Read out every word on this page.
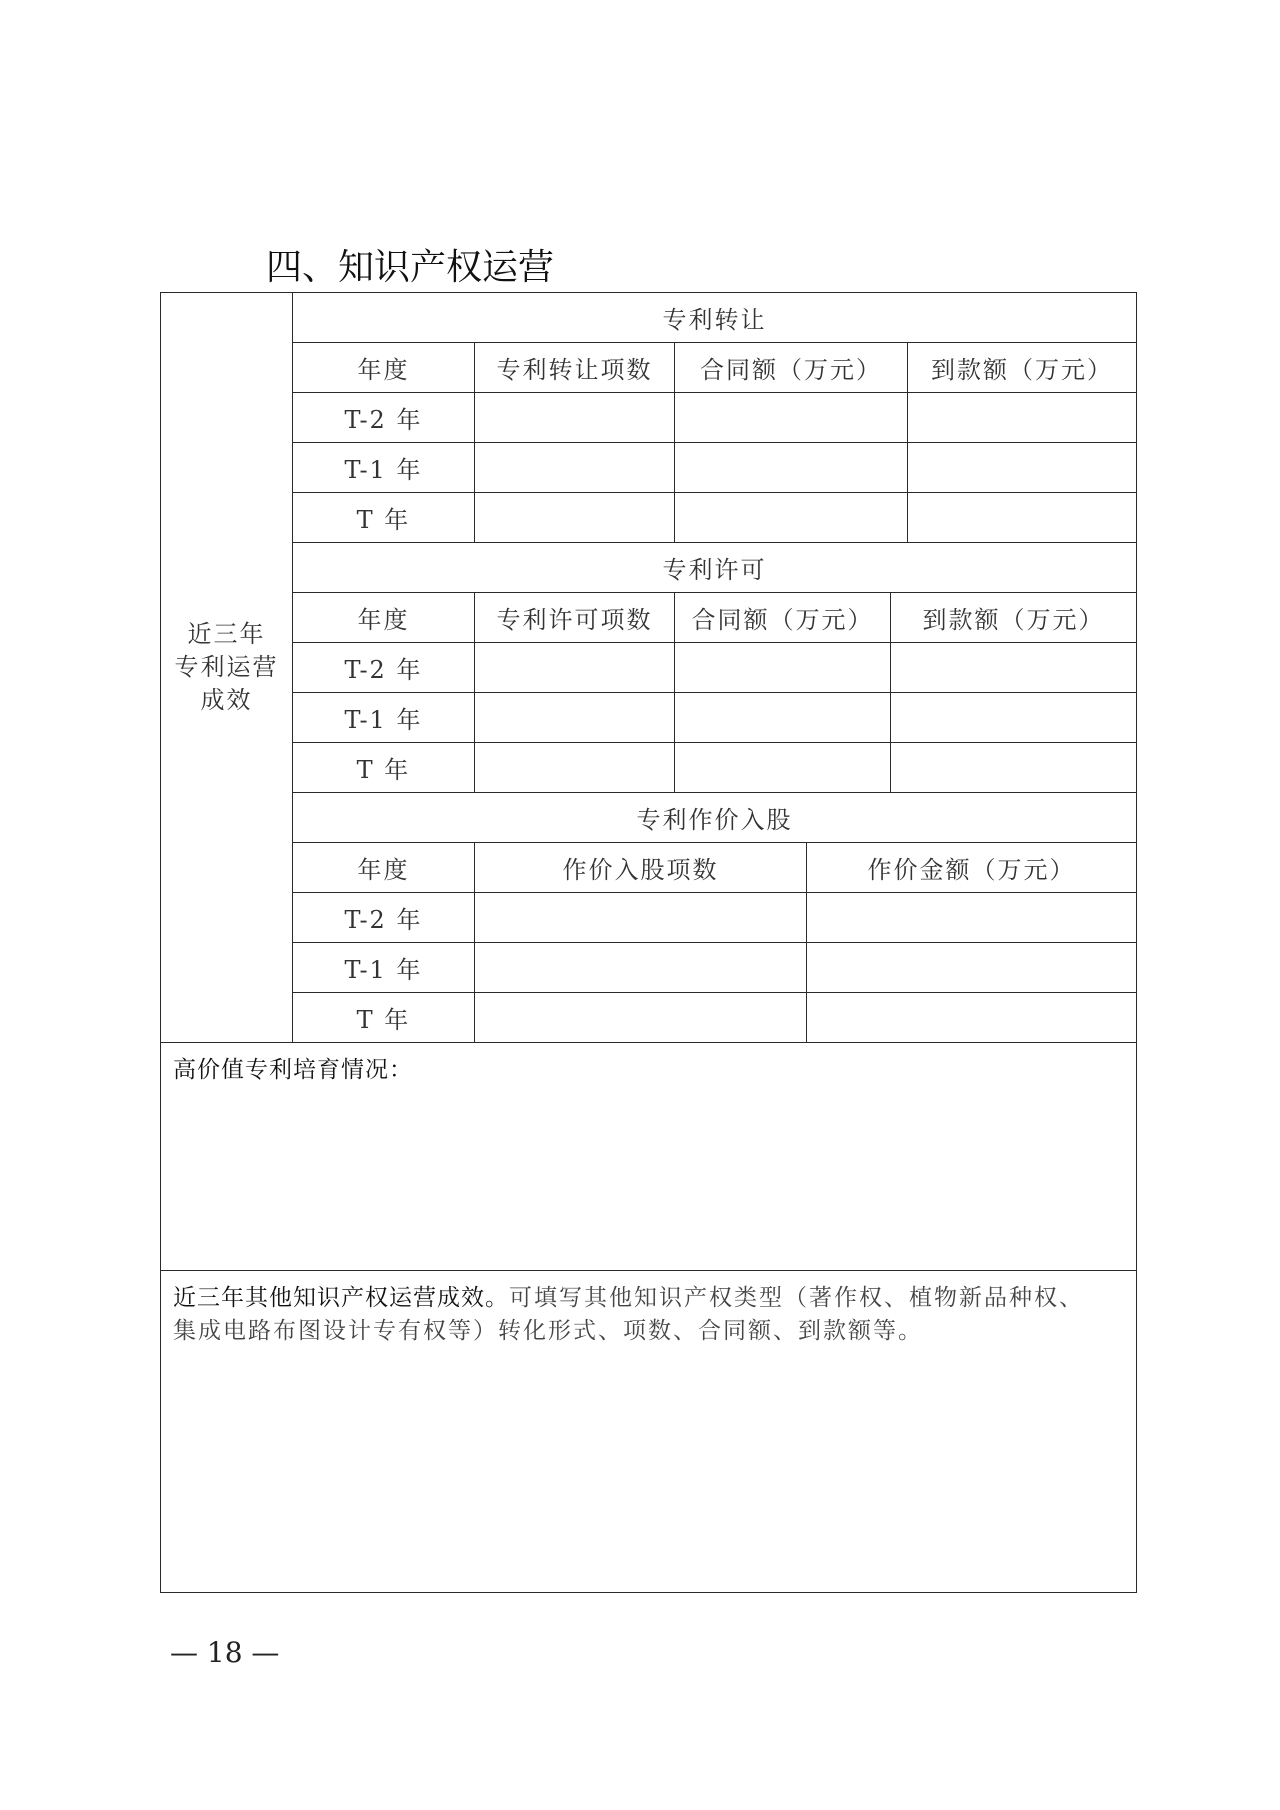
四、知识产权运营
近三年
专利运营
成效
	专利转让
年度	专利转让项数	合同额（万元）	到款额（万元）

T-2 年		

T-1 年		

T 年		

专利许可
年度	专利许可项数	合同额（万元）	到款额（万元）

T-2 年		

T-1 年		

T 年		

专利作价入股
年度	作价入股项数	作价金额（万元）
T-2 年		
T-1 年		
T 年		

高价值专利培育情况：

近三年其他知识产权运营成效。可填写其他知识产权类型（著作权、植物新品种权、

集成电路布图设计专有权等）转化形式、项数、合同额、到款额等。

— 18 —
